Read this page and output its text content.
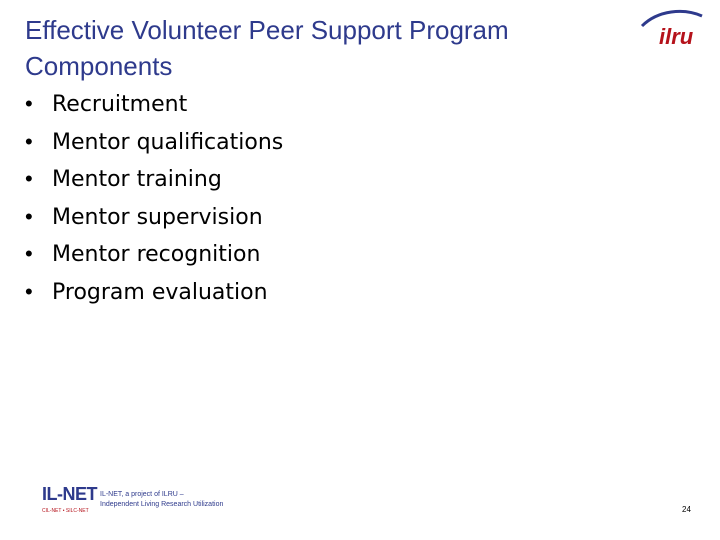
Effective Volunteer Peer Support Program Components
ilru
• Recruitment
• Mentor qualifications
• Mentor training
• Mentor supervision
• Mentor recognition
• Program evaluation
IL-NET
CIL-NET • SILC-NET
IL-NET, a project of ILRU –
Independent Living Research Utilization
24
